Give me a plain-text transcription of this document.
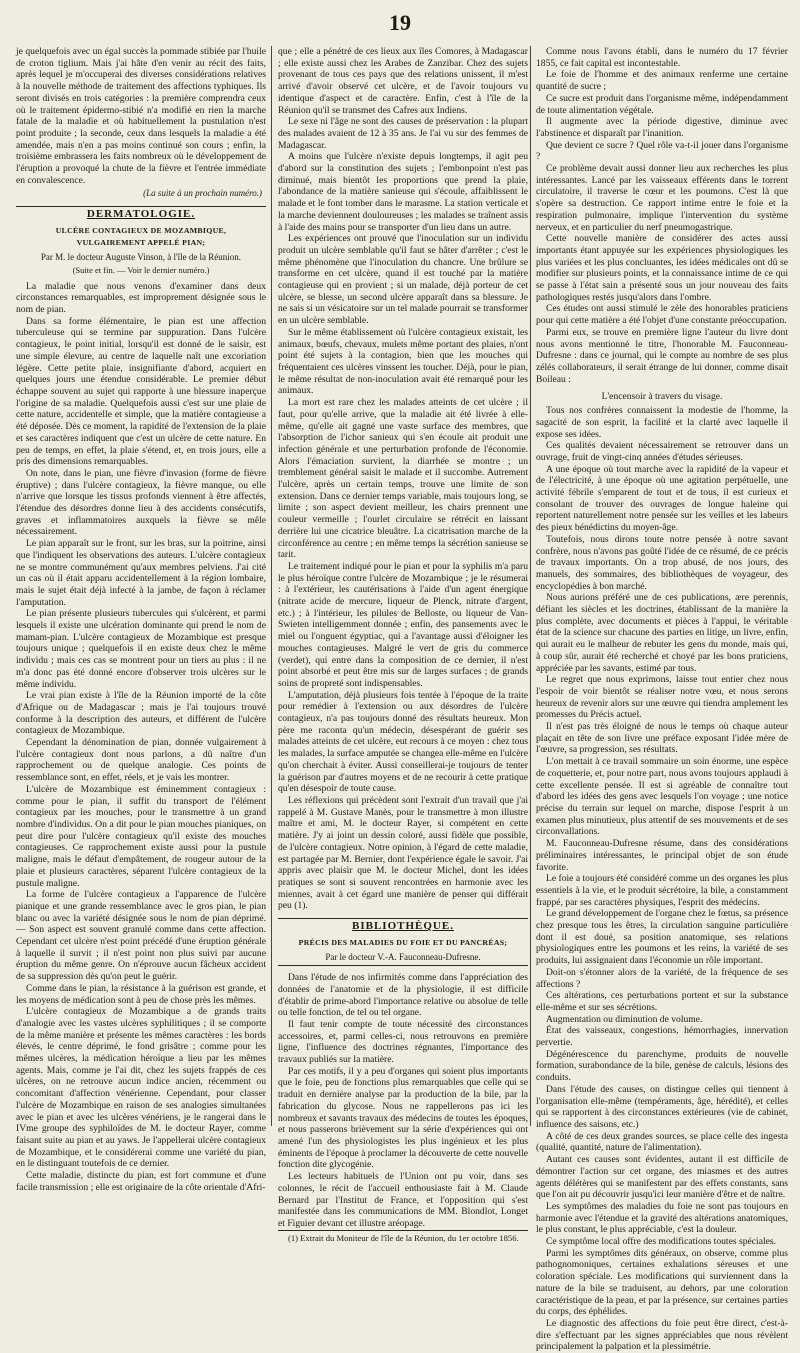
19

je quelquefois avec un égal succès la pommade stibiée par l'huile de croton tiglium. Mais j'ai hâte d'en venir au récit des faits, après lequel je m'occuperai des diverses considérations relatives à la nouvelle méthode de traitement des affections typhiques. Ils seront divisés en trois catégories : la première comprendra ceux où le traitement épidermo-stibié n'a modifié en rien la marche fatale de la maladie et où habituellement la pustulation n'est point produite ; la seconde, ceux dans lesquels la maladie a été amendée, mais n'en a pas moins continué son cours ; enfin, la troisième embrassera les faits nombreux où le développement de l'éruption a provoqué la chute de la fièvre et l'entrée immédiate en convalescence.

(La suite à un prochain numéro.)
DERMATOLOGIE.
ULCÈRE CONTAGIEUX DE MOZAMBIQUE, VULGAIREMENT APPELÉ PIAN;
Par M. le docteur Auguste Vinson, à l'île de la Réunion.
(Suite et fin. — Voir le dernier numéro.)

La maladie que nous venons d'examiner dans deux circonstances remarquables, est improprement désignée sous le nom de pian.

Dans sa forme élémentaire, le pian est une affection tuberculeuse qui se termine par suppuration. Dans l'ulcère contagieux, le point initial, lorsqu'il est donné de le saisir, est une simple élevure, au centre de laquelle naît une excoriation légère. Cette petite plaie, insignifiante d'abord, acquiert en quelques jours une étendue considérable. Le premier début échappe souvent au sujet qui rapporte à une blessure inaperçue l'origine de sa maladie. Quelquefois aussi c'est sur une plaie de cette nature, accidentelle et simple, que la matière contagieuse a été déposée. Dès ce moment, la rapidité de l'extension de la plaie et ses caractères indiquent que c'est un ulcère de cette nature. En peu de temps, en effet, la plaie s'étend, et, en trois jours, elle a pris des dimensions remarquables.

On note, dans le pian, une fièvre d'invasion (forme de fièvre éruptive) ; dans l'ulcère contagieux, la fièvre manque, ou elle n'arrive que lorsque les tissus profonds viennent à être affectés, l'étendue des désordres donne lieu à des accidents consécutifs, graves et inflammatoires auxquels la fièvre se mêle nécessairement.

Le pian apparaît sur le front, sur les bras, sur la poitrine, ainsi que l'indiquent les observations des auteurs. L'ulcère contagieux ne se montre communément qu'aux membres pelviens. J'ai cité un cas où il était apparu accidentellement à la région lombaire, mais le sujet était déjà infecté à la jambe, de façon à réclamer l'amputation.

Le pian présente plusieurs tubercules qui s'ulcèrent, et parmi lesquels il existe une ulcération dominante qui prend le nom de mamam-pian. L'ulcère contagieux de Mozambique est presque toujours unique ; quelquefois il en existe deux chez le même individu ; mais ces cas se montrent pour un tiers au plus : il ne m'a donc pas été donné encore d'observer trois ulcères sur le même individu.

Le vrai pian existe à l'île de la Réunion importé de la côte d'Afrique ou de Madagascar ; mais je l'ai toujours trouvé conforme à la description des auteurs, et différent de l'ulcère contagieux de Mozambique.

Cependant la dénomination de pian, donnée vulgairement à l'ulcère contagieux dont nous parlons, a dû naître d'un rapprochement ou de quelque analogie. Ces points de ressemblance sont, en effet, réels, et je vais les montrer.

L'ulcère de Mozambique est éminemment contagieux : comme pour le pian, il suffit du transport de l'élément contagieux par les mouches, pour le transmettre à un grand nombre d'individus. On a dit pour le pian mouches pianiques, on peut dire pour l'ulcère contagieux qu'il existe des mouches contagieuses. Ce rapprochement existe aussi pour la pustule maligne, mais le défaut d'empâtement, de rougeur autour de la plaie et plusieurs caractères, séparent l'ulcère contagieux de la pustule maligne.

La forme de l'ulcère contagieux a l'apparence de l'ulcère pianique et une grande ressemblance avec le gros pian, le pian blanc ou avec la variété désignée sous le nom de pian déprimé. — Son aspect est souvent granulé comme dans cette affection. Cependant cet ulcère n'est point précédé d'une éruption générale à laquelle il survit ; il n'est point non plus suivi par aucune éruption du même genre. On n'éprouve aucun fâcheux accident de sa suppression dès qu'on peut le guérir.

Comme dans le pian, la résistance à la guérison est grande, et les moyens de médication sont à peu de chose près les mêmes.

L'ulcère contagieux de Mozambique a de grands traits d'analogie avec les vastes ulcères syphilitiques ; il se comporte de la même manière et présente les mêmes caractères : les bords élevés, le centre déprimé, le fond grisâtre ; comme pour les mêmes ulcères, la médication héroïque a lieu par les mêmes agents. Mais, comme je l'ai dit, chez les sujets frappés de ces ulcères, on ne retrouve aucun indice ancien, récemment ou concomitant d'affection vénérienne. Cependant, pour classer l'ulcère de Mozambique en raison de ses analogies simultanées avec le pian et avec les ulcères vénériens, je le rangerai dans le IVme groupe des syphiloïdes de M. le docteur Rayer, comme faisant suite au pian et au yaws. Je l'appellerai ulcère contagieux de Mozambique, et le considérerai comme une variété du pian, en le distinguant toutefois de ce dernier.

Cette maladie, distincte du pian, est fort commune et d'une facile transmission ; elle est originaire de la côte orientale d'Afri-

que ; elle a pénétré de ces lieux aux îles Comores, à Madagascar ; elle existe aussi chez les Arabes de Zanzibar. Chez des sujets provenant de tous ces pays que des relations unissent, il m'est arrivé d'avoir observé cet ulcère, et de l'avoir toujours vu identique d'aspect et de caractère. Enfin, c'est à l'île de la Réunion qu'il se transmet des Cafres aux Indiens.

Le sexe ni l'âge ne sont des causes de préservation : la plupart des malades avaient de 12 à 35 ans. Je l'ai vu sur des femmes de Madagascar.

A moins que l'ulcère n'existe depuis longtemps, il agit peu d'abord sur la constitution des sujets ; l'embonpoint n'est pas diminué, mais bientôt les proportions que prend la plaie, l'abondance de la matière sanieuse qui s'écoule, affaiblissent le malade et le font tomber dans le marasme. La station verticale et la marche deviennent douloureuses ; les malades se traînent assis à l'aide des mains pour se transporter d'un lieu dans un autre.

Les expériences ont prouvé que l'inoculation sur un individu produit un ulcère semblable qu'il faut se hâter d'arrêter ; c'est le même phénomène que l'inoculation du chancre. Une brûlure se transforme en cet ulcère, quand il est touché par la matière contagieuse qui en provient ; si un malade, déjà porteur de cet ulcère, se blesse, un second ulcère apparaît dans sa blessure. Je ne sais si un vésicatoire sur un tel malade pourrait se transformer en un ulcère semblable.

Sur le même établissement où l'ulcère contagieux existait, les animaux, bœufs, chevaux, mulets même portant des plaies, n'ont point été sujets à la contagion, bien que les mouches qui fréquentaient ces ulcères vinssent les toucher. Déjà, pour le pian, le même résultat de non-inoculation avait été remarqué pour les animaux.

La mort est rare chez les malades atteints de cet ulcère ; il faut, pour qu'elle arrive, que la maladie ait été livrée à elle-même, qu'elle ait gagné une vaste surface des membres, que l'absorption de l'ichor sanieux qui s'en écoule ait produit une infection générale et une perturbation profonde de l'économie. Alors l'émaciation survient, la diarrhée se montre ; un tremblement général saisit le malade et il succombe. Autrement l'ulcère, après un certain temps, trouve une limite de son extension. Dans ce dernier temps variable, mais toujours long, se limite ; son aspect devient meilleur, les chairs prennent une couleur vermeille ; l'ourlet circulaire se rétrécit en laissant derrière lui une cicatrice bleuâtre. La cicatrisation marche de la circonférence au centre ; en même temps la sécrétion sanieuse se tarit.

Le traitement indiqué pour le pian et pour la syphilis m'a paru le plus héroïque contre l'ulcère de Mozambique ; je le résumerai : à l'extérieur, les cautérisations à l'aide d'un agent énergique (nitrate acide de mercure, liqueur de Plenck, nitrate d'argent, etc.) ; à l'intérieur, les pilules de Belloste, ou liqueur de Van-Swieten intelligemment donnée ; enfin, des pansements avec le miel ou l'onguent égyptiac, qui a l'avantage aussi d'éloigner les mouches contagieuses. Malgré le vert de gris du commerce (verdet), qui entre dans la composition de ce dernier, il n'est point absorbé et peut être mis sur de larges surfaces ; de grands soins de propreté sont indispensables.

L'amputation, déjà plusieurs fois tentée à l'époque de la traite pour remédier à l'extension ou aux désordres de l'ulcère contagieux, n'a pas toujours donné des résultats heureux. Mon père me raconta qu'un médecin, désespérant de guérir ses malades atteints de cet ulcère, eut recours à ce moyen : chez tous les malades, la surface amputée se changea elle-même en l'ulcère qu'on cherchait à éviter. Aussi conseillerai-je toujours de tenter la guérison par d'autres moyens et de ne recourir à cette pratique qu'en désespoir de toute cause.

Les réflexions qui précèdent sont l'extrait d'un travail que j'ai rappelé à M. Gustave Manès, pour le transmettre à mon illustre maître et ami, M. le docteur Rayer, si compétent en cette matière. J'y ai joint un dessin coloré, aussi fidèle que possible, de l'ulcère contagieux. Notre opinion, à l'égard de cette maladie, est partagée par M. Bernier, dont l'expérience égale le savoir. J'ai appris avec plaisir que M. le docteur Michel, dont les idées pratiques se sont si souvent rencontrées en harmonie avec les miennes, avait à cet égard une manière de penser qui différait peu (1).

BIBLIOTHÈQUE.
PRÉCIS DES MALADIES DU FOIE ET DU PANCRÉAS;
Par le docteur V.-A. Fauconneau-Dufresne.

Dans l'étude de nos infirmités comme dans l'appréciation des données de l'anatomie et de la physiologie, il est difficile d'établir de prime-abord l'importance relative ou absolue de telle ou telle fonction, de tel ou tel organe.

Il faut tenir compte de toute nécessité des circonstances accessoires, et, parmi celles-ci, nous retrouvons en première ligne, l'influence des doctrines régnantes, l'importance des travaux publiés sur la matière.

Par ces motifs, il y a peu d'organes qui soient plus importants que le foie, peu de fonctions plus remarquables que celle qui se traduit en dernière analyse par la production de la bile, par la fabrication du glycose. Nous ne rappellerons pas ici les nombreux et savants travaux des médecins de toutes les époques, et nous passerons brièvement sur la série d'expériences qui ont amené l'un des physiologistes les plus ingénieux et les plus éminents de l'époque à proclamer la découverte de cette nouvelle fonction dite glycogénie.

Les lecteurs habituels de l'Union ont pu voir, dans ses colonnes, le récit de l'accueil enthousiaste fait à M. Claude Bernard par l'Institut de France, et l'opposition qui s'est manifestée dans les communications de MM. Blondlot, Longet et Figuier devant cet illustre aréopage.

(1) Extrait du Moniteur de l'île de la Réunion, du 1er octobre 1856.

Comme nous l'avons établi, dans le numéro du 17 février 1855, ce fait capital est incontestable.

Le foie de l'homme et des animaux renferme une certaine quantité de sucre ;

Ce sucre est produit dans l'organisme même, indépendamment de toute alimentation végétale.

Il augmente avec la période digestive, diminue avec l'abstinence et disparaît par l'inanition.

Que devient ce sucre ? Quel rôle va-t-il jouer dans l'organisme ?

Ce problème devait aussi donner lieu aux recherches les plus intéressantes. Lancé par les vaisseaux efférents dans le torrent circulatoire, il traverse le cœur et les poumons. C'est là que s'opère sa destruction. Ce rapport intime entre le foie et la respiration pulmonaire, implique l'intervention du système nerveux, et en particulier du nerf pneumogastrique.

Cette nouvelle manière de considérer des actes aussi importants étant appuyée sur les expériences physiologiques les plus variées et les plus concluantes, les idées médicales ont dû se modifier sur plusieurs points, et la connaissance intime de ce qui se passe à l'état sain a présenté sous un jour nouveau des faits pathologiques restés jusqu'alors dans l'ombre.

Ces études ont aussi stimulé le zèle des honorables praticiens pour qui cette matière a été l'objet d'une constante préoccupation.

Parmi eux, se trouve en première ligne l'auteur du livre dont nous avons mentionné le titre, l'honorable M. Fauconneau-Dufresne : dans ce journal, qui le compte au nombre de ses plus zélés collaborateurs, il serait étrange de lui donner, comme disait Boileau :

L'encensoir à travers du visage.

Tous nos confrères connaissent la modestie de l'homme, la sagacité de son esprit, la facilité et la clarté avec laquelle il expose ses idées.

Ces qualités devaient nécessairement se retrouver dans un ouvrage, fruit de vingt-cinq années d'études sérieuses.

A une époque où tout marche avec la rapidité de la vapeur et de l'électricité, à une époque où une agitation perpétuelle, une activité fébrile s'emparent de tout et de tous, il est curieux et consolant de trouver des ouvrages de longue haleine qui reportent naturellement notre pensée sur les veilles et les labeurs des pieux bénédictins du moyen-âge.

Toutefois, nous dirons toute notre pensée à notre savant confrère, nous n'avons pas goûté l'idée de ce résumé, de ce précis de travaux importants. On a trop abusé, de nos jours, des manuels, des sommaires, des bibliothèques de voyageur, des encyclopédies à bon marché.

Nous aurions préféré une de ces publications, ære perennis, défiant les siècles et les doctrines, établissant de la manière la plus complète, avec documents et pièces à l'appui, le véritable état de la science sur chacune des parties en litige, un livre, enfin, qui aurait eu le malheur de rebuter les gens du monde, mais qui, à coup sûr, aurait été recherché et choyé par les bons praticiens, appréciée par les savants, estimé par tous.

Le regret que nous exprimons, laisse tout entier chez nous l'espoir de voir bientôt se réaliser notre vœu, et nous serons heureux de revenir alors sur une œuvre qui tiendra amplement les promesses du Précis actuel.

Il n'est pas très éloigné de nous le temps où chaque auteur plaçait en tête de son livre une préface exposant l'idée mère de l'œuvre, sa progression, ses résultats.

L'on mettait à ce travail sommaire un soin énorme, une espèce de coquetterie, et, pour notre part, nous avons toujours applaudi à cette excellente pensée. Il est si agréable de connaître tout d'abord les idées des gens avec lesquels l'on voyage ; une notice précise du terrain sur lequel on marche, dispose l'esprit à un examen plus minutieux, plus attentif de ses mouvements et de ses circonvallations.

M. Fauconneau-Dufresne résume, dans des considérations préliminaires intéressantes, le principal objet de son étude favorite.

Le foie a toujours été considéré comme un des organes les plus essentiels à la vie, et le produit sécrétoire, la bile, a constamment frappé, par ses caractères physiques, l'esprit des médecins.

Le grand développement de l'organe chez le fœtus, sa présence chez presque tous les êtres, la circulation sanguine particulière dont il est doué, sa position anatomique, ses relations physiologiques entre les poumons et les reins, la variété de ses produits, lui assignaient dans l'économie un rôle important.

Doit-on s'étonner alors de la variété, de la fréquence de ses affections ?

Ces altérations, ces perturbations portent et sur la substance elle-même et sur ses sécrétions.

Augmentation ou diminution de volume.

État des vaisseaux, congestions, hémorrhagies, innervation pervertie.

Dégénérescence du parenchyme, produits de nouvelle formation, surabondance de la bile, genèse de calculs, lésions des conduits.

Dans l'étude des causes, on distingue celles qui tiennent à l'organisation elle-même (tempéraments, âge, hérédité), et celles qui se rapportent à des circonstances extérieures (vie de cabinet, influence des saisons, etc.)

A côté de ces deux grandes sources, se place celle des ingesta (qualité, quantité, nature de l'alimentation).

Autant ces causes sont évidentes, autant il est difficile de démontrer l'action sur cet organe, des miasmes et des autres agents délétères qui se manifestent par des effets constants, sans que l'on ait pu découvrir jusqu'ici leur manière d'être et de naître.

Les symptômes des maladies du foie ne sont pas toujours en harmonie avec l'étendue et la gravité des altérations anatomiques, le plus constant, le plus appréciable, c'est la douleur.

Ce symptôme local offre des modifications toutes spéciales.

Parmi les symptômes dits généraux, on observe, comme plus pathognomoniques, certaines exhalations séreuses et une coloration spéciale. Les modifications qui surviennent dans la nature de la bile se traduisent, au dehors, par une coloration caractéristique de la peau, et par la présence, sur certaines parties du corps, des éphélides.

Le diagnostic des affections du foie peut être direct, c'est-à-dire s'effectuant par les signes appréciables que nous révèlent principalement la palpation et la plessimétrie.
